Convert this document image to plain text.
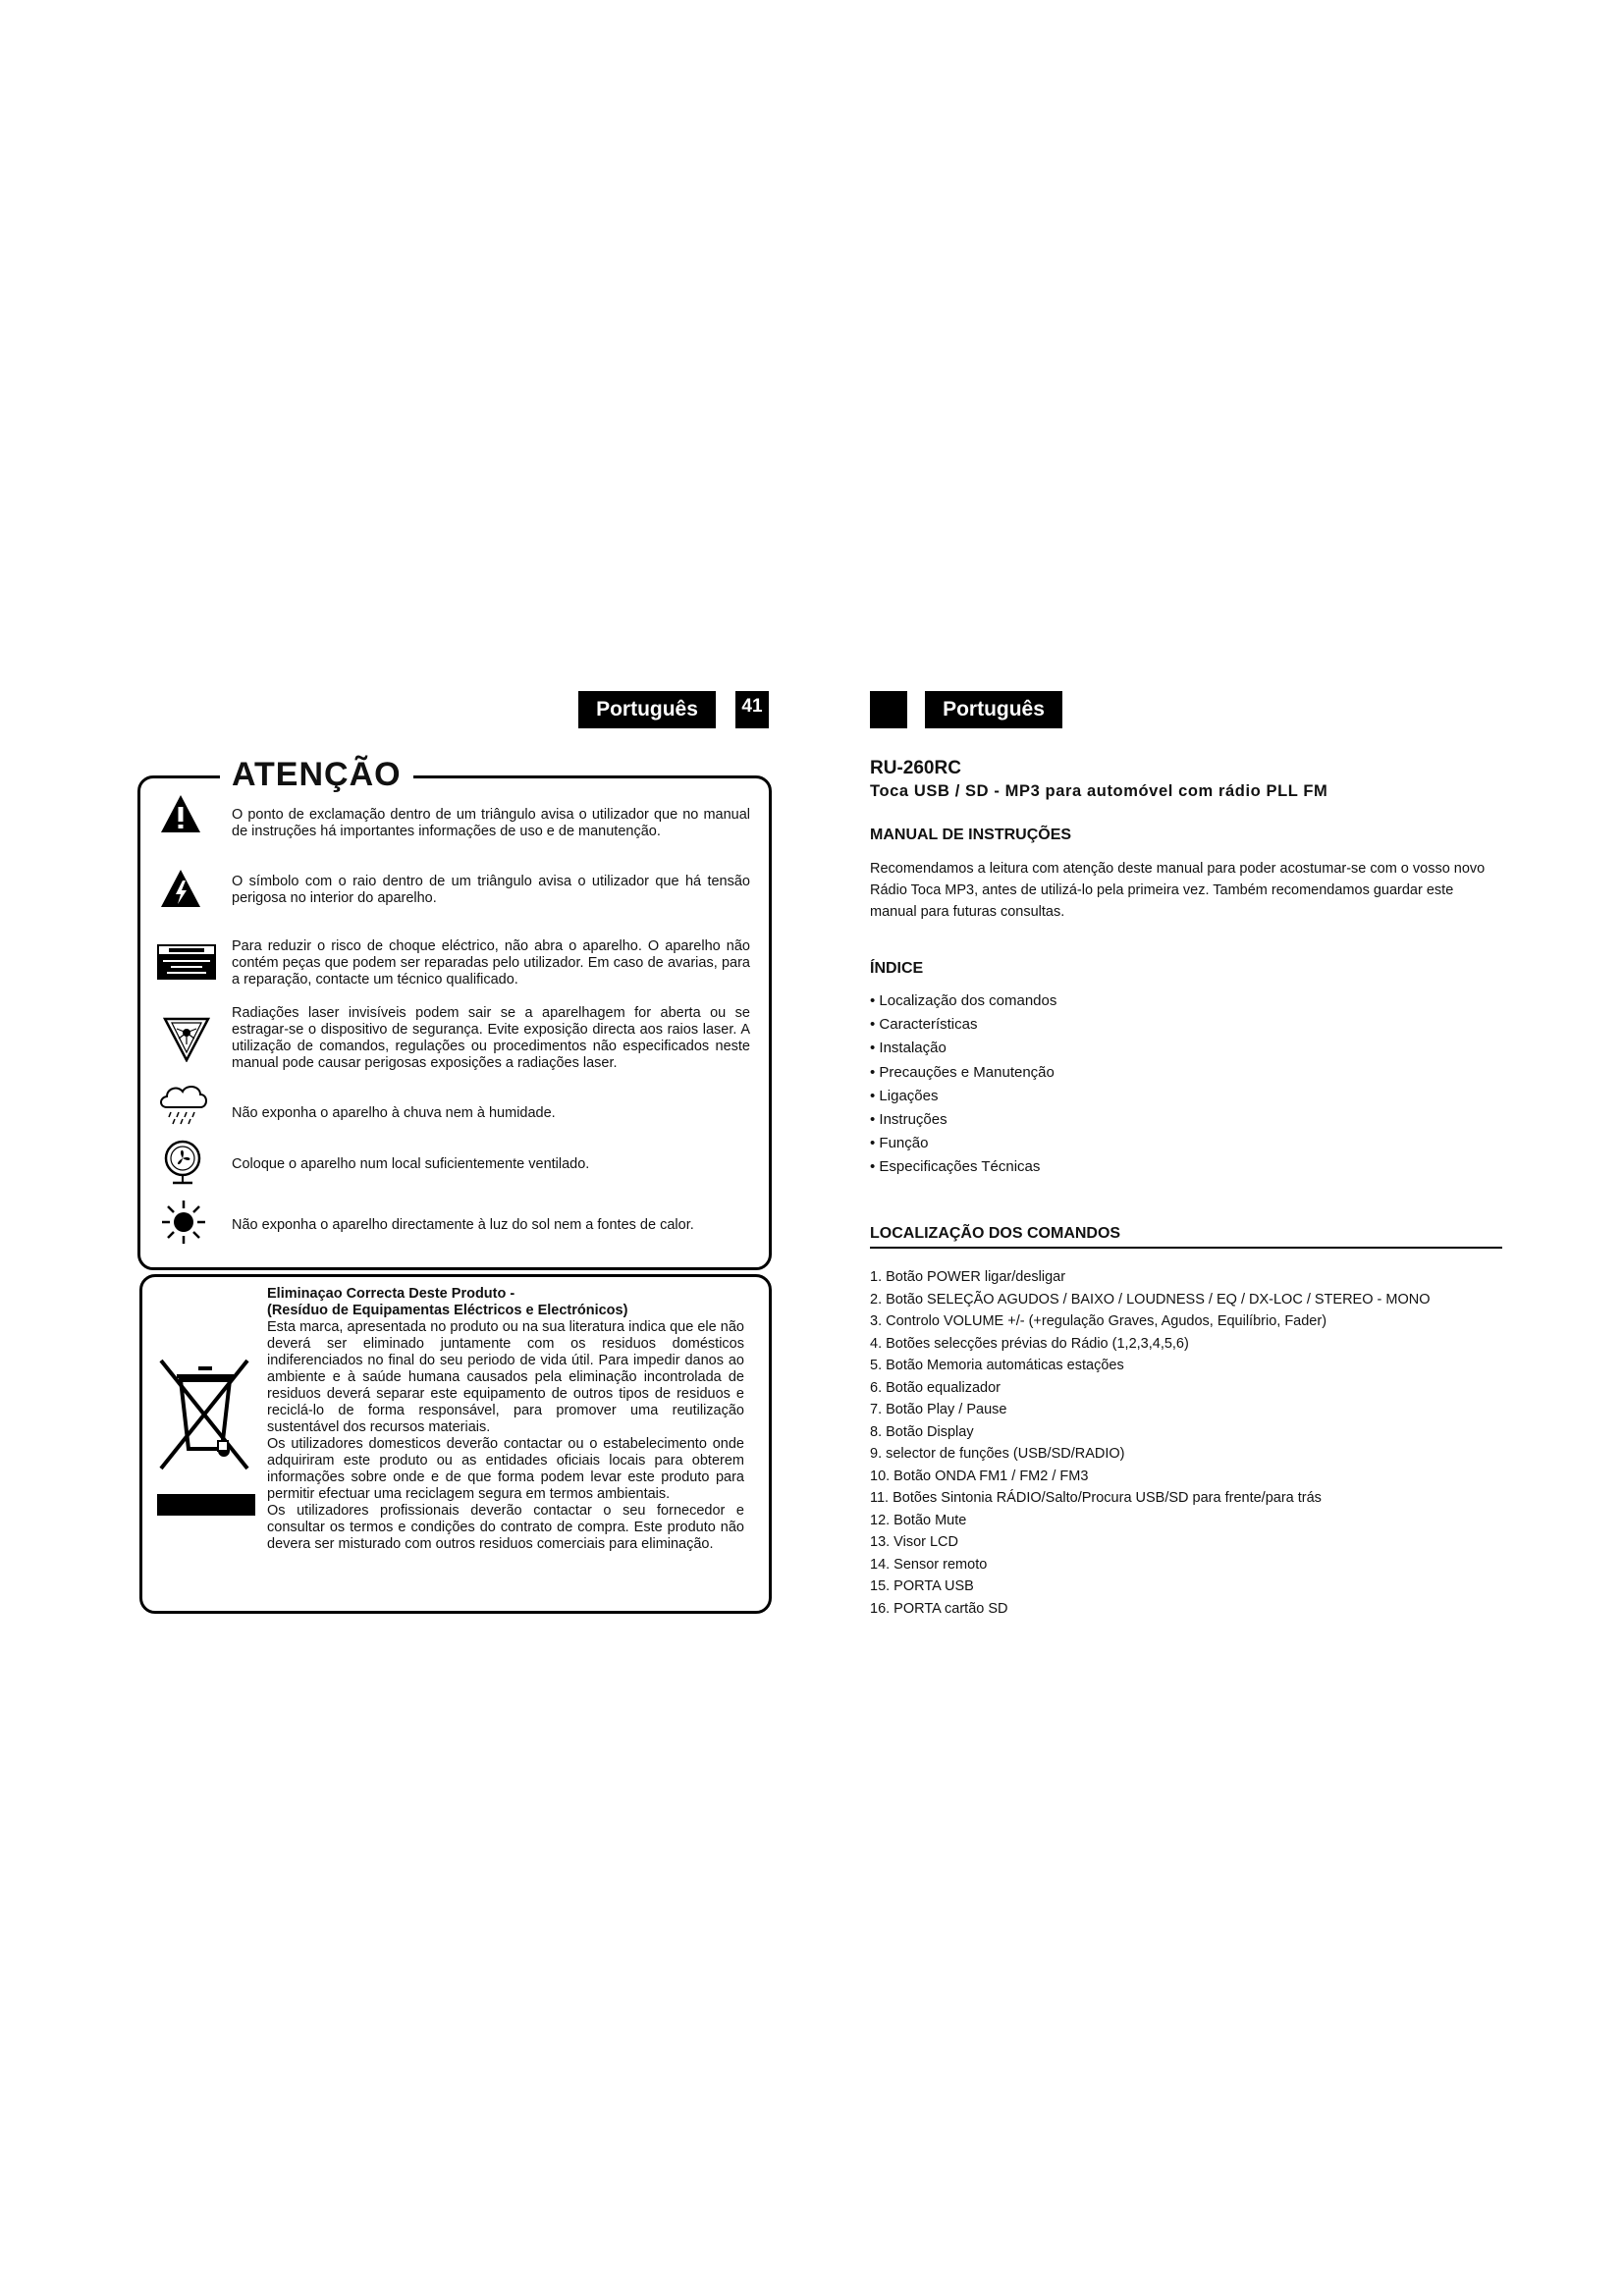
Português	41
ATENÇÃO
O ponto de exclamação dentro de um triângulo avisa o utilizador que no manual de instruções há importantes informações de uso e de manutenção.
O símbolo com o raio dentro de um triângulo avisa o utilizador que há tensão perigosa no interior do aparelho.
Para reduzir o risco de choque eléctrico, não abra o aparelho. O aparelho não contém peças que podem ser reparadas pelo utilizador. Em caso de avarias, para a reparação, contacte um técnico qualificado.
Radiações laser invisíveis podem sair se a aparelhagem for aberta ou se estragar-se o dispositivo de segurança. Evite exposição directa aos raios laser. A utilização de comandos, regulações ou procedimentos não especificados neste manual pode causar perigosas exposições a radiações laser.
Não exponha o aparelho à chuva nem à humidade.
Coloque o aparelho num local suficientemente ventilado.
Não exponha o aparelho directamente à luz do sol nem a fontes de calor.

Eliminaçao Correcta Deste Produto -

(Resíduo de Equipamentas Eléctricos e Electrónicos)

Esta marca, apresentada no produto ou na sua literatura indica que ele não deverá ser eliminado juntamente com os residuos domésticos indiferenciados no final do seu periodo de vida útil. Para impedir danos ao ambiente e à saúde humana causados pela eliminação incontrolada de residuos deverá separar este equipamento de outros tipos de residuos e reciclá-lo de forma responsável, para promover uma reutilização sustentável dos recursos materiais.

Os utilizadores domesticos deverão contactar ou o estabelecimento onde adquiriram este produto ou as entidades oficiais locais para obterem informações sobre onde e de que forma podem levar este produto para permitir efectuar uma reciclagem segura em termos ambientais.

Os utilizadores profissionais deverão contactar o seu fornecedor e consultar os termos e condições do contrato de compra. Este produto não devera ser misturado com outros residuos comerciais para eliminação.

Português
RU-260RC
Toca USB / SD - MP3 para automóvel com rádio PLL FM
MANUAL DE INSTRUÇÕES
Recomendamos a leitura com atenção deste manual para poder acostumar-se com o vosso novo Rádio Toca MP3, antes de utilizá-lo pela primeira vez. Também recomendamos guardar este manual para futuras consultas.
ÍNDICE
• Localização dos comandos
• Características
• Instalação
• Precauções e Manutenção
• Ligações
• Instruções
• Função
• Especificações Técnicas
LOCALIZAÇÃO DOS COMANDOS
1. Botão POWER ligar/desligar
2. Botão SELEÇÃO AGUDOS / BAIXO / LOUDNESS / EQ / DX-LOC / STEREO - MONO
3. Controlo VOLUME +/- (+regulação Graves, Agudos, Equilíbrio, Fader)
4. Botões selecções prévias do Rádio (1,2,3,4,5,6)
5. Botão Memoria automáticas estações
6. Botão equalizador
7. Botão Play / Pause
8. Botão Display
9. selector de funções (USB/SD/RADIO)
10. Botão ONDA FM1 / FM2 / FM3
11. Botões Sintonia RÁDIO/Salto/Procura USB/SD para frente/para trás
12. Botão Mute
13. Visor LCD
14. Sensor remoto
15. PORTA USB
16. PORTA cartão SD
